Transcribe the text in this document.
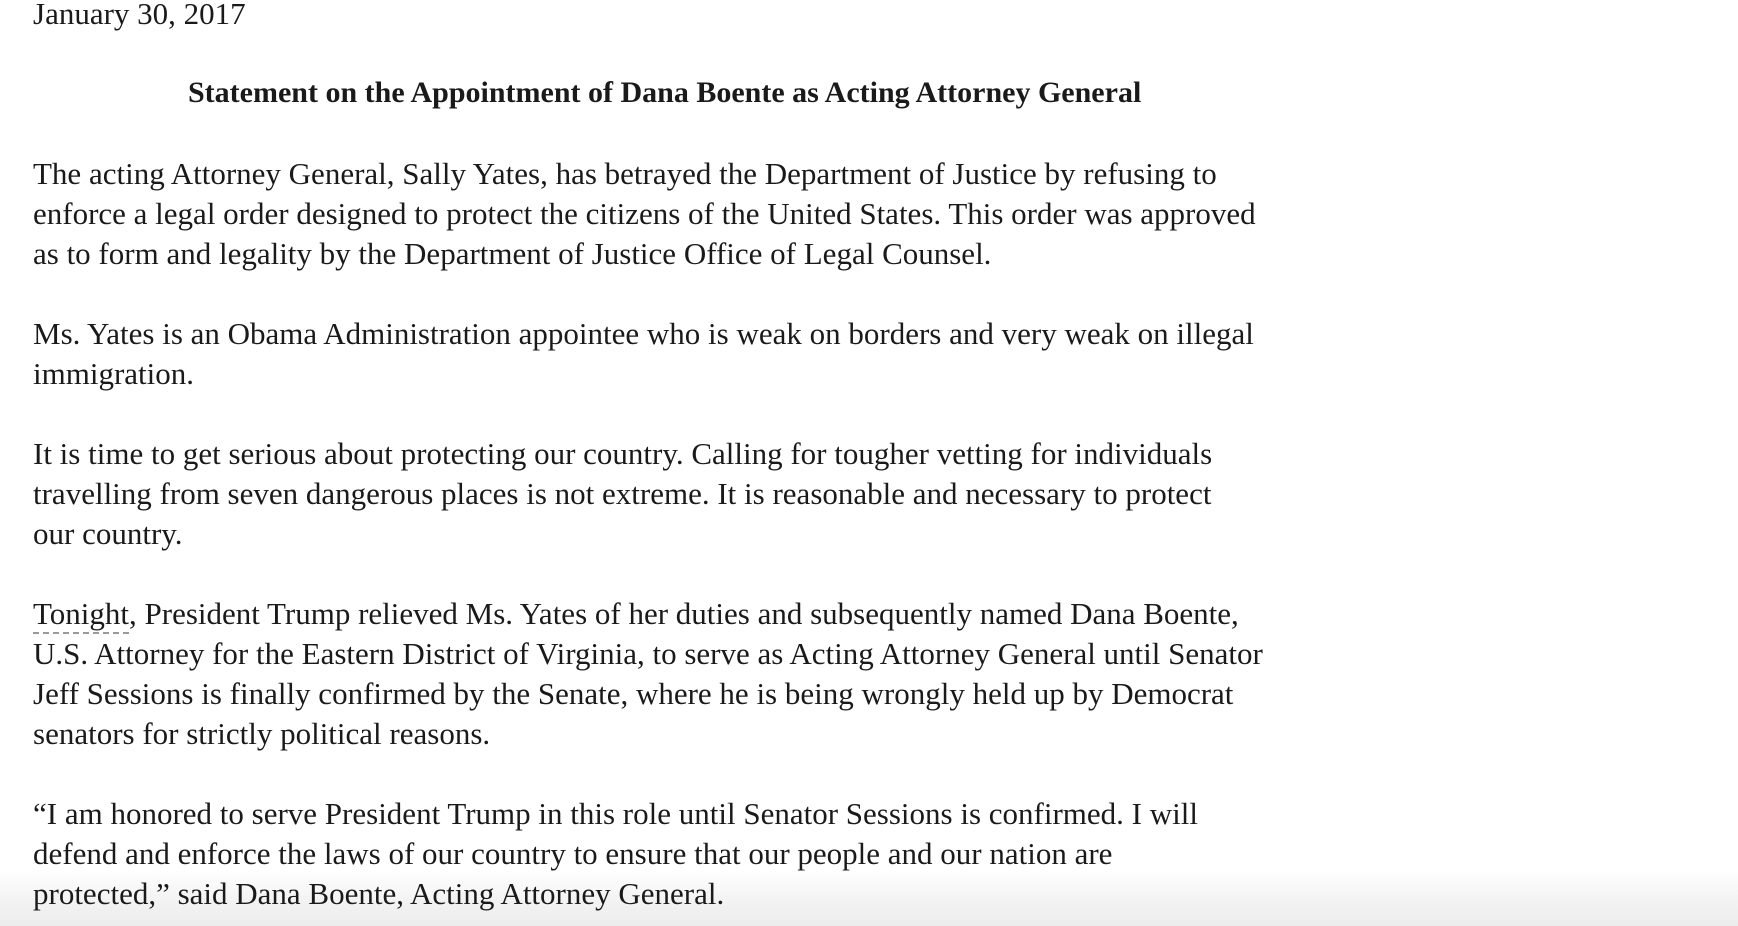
January 30, 2017
Statement on the Appointment of Dana Boente as Acting Attorney General

The acting Attorney General, Sally Yates, has betrayed the Department of Justice by refusing to
enforce a legal order designed to protect the citizens of the United States. This order was approved
as to form and legality by the Department of Justice Office of Legal Counsel.

Ms. Yates is an Obama Administration appointee who is weak on borders and very weak on illegal
immigration.

It is time to get serious about protecting our country. Calling for tougher vetting for individuals
travelling from seven dangerous places is not extreme. It is reasonable and necessary to protect
our country.

Tonight, President Trump relieved Ms. Yates of her duties and subsequently named Dana Boente,
U.S. Attorney for the Eastern District of Virginia, to serve as Acting Attorney General until Senator
Jeff Sessions is finally confirmed by the Senate, where he is being wrongly held up by Democrat
senators for strictly political reasons.

“I am honored to serve President Trump in this role until Senator Sessions is confirmed. I will
defend and enforce the laws of our country to ensure that our people and our nation are
protected,” said Dana Boente, Acting Attorney General.
